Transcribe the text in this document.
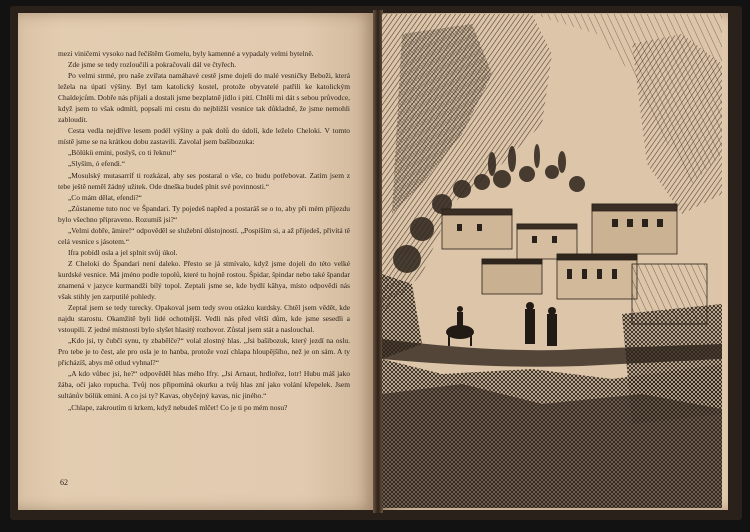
mezi viničemi vysoko nad řečištěm Gomelu, byly kamenné a vypadaly velmi bytelně.

Zde jsme se tedy rozloučili a pokračovali dál ve čtyřech.

Po velmi strmé, pro naše zvířata namáhavé cestě jsme dojeli do malé vesničky Beboži, která ležela na úpatí výšiny. Byl tam katolický kostel, protože obyvatelé patřili ke katolickým Chaldejcům. Dobře nás přijali a dostali jsme bezplatně jídlo i pití. Chtěli mi dát s sebou průvodce, když jsem to však odmítl, popsali mi cestu do nejbližší vesnice tak důkladně, že jsme nemohli zabloudit.

Cesta vedla nejdříve lesem podél výšiny a pak dolů do údolí, kde leželo Cheloki. V tomto místě jsme se na krátkou dobu zastavili. Zavolal jsem bašibozuka:

„Bölükü emini, poslyš, co ti řeknu!“

„Slyším, ó efendi.“

„Mosulský mutasarríf ti rozkázal, aby ses postaral o vše, co budu potřebovat. Zatím jsem z tebe ještě neměl žádný užitek. Ode dneška budeš plnit své povinnosti.“

„Co mám dělat, efendi?“

„Zůstaneme tuto noc ve Špandari. Ty pojedeš napřed a postaráš se o to, aby při mém příjezdu bylo všechno připraveno. Rozumíš jsi?“

„Velmi dobře, āmire!“ odpověděl se služební důstojností. „Pospíším si, a až přijedeš, přivítá tě celá vesnice s jásotem.“

Ifra pobídl osla a jel splnit svůj úkol.

Z Cheloki do Špandari není daleko. Přesto se já stmívalo, když jsme dojeli do této velké kurdské vesnice. Má jméno podle topolů, které tu hojně rostou. Špidar, špindar nebo také špandar znamená v jazyce kurmandží bílý topol. Zeptali jsme se, kde bydlí kâhya, místo odpovědi nás však stihly jen zarputilé pohledy.

Zeptal jsem se tedy turecky. Opakoval jsem tedy svou otázku kurdsky. Chtěl jsem vědět, kde najdu starostu. Okamžitě byli lidé ochotnější. Vedli nás před větší dům, kde jsme sesedli a vstoupili. Z jedné místnosti bylo slyšet hlasitý rozhovor. Zůstal jsem stát a naslouchal.

„Kdo jsi, ty čubčí synu, ty zbabělče?“ volal zlostný hlas. „Jsi bašibozuk, který jezdí na oslu. Pro tebe je to čest, ale pro osla je to hanba, protože vozí chlapa hloupějšího, než je on sám. A ty přicházíš, abys mě otlud vyhnal?“

„A kdo vůbec jsi, he?“ odpověděl hlas mého Ifry. „Jsi Arnaut, hrdlořez, lotr! Hubu máš jako žába, oči jako ropucha. Tvůj nos připomíná okurku a tvůj hlas zní jako volání křepelek. Jsem sultánův bölük emini. A co jsi ty? Kavas, obyčejný kavas, nic jiného.“

„Chlape, zakroutím ti krkem, když nebudeš mlčet! Co je ti po mém nosu?

62
